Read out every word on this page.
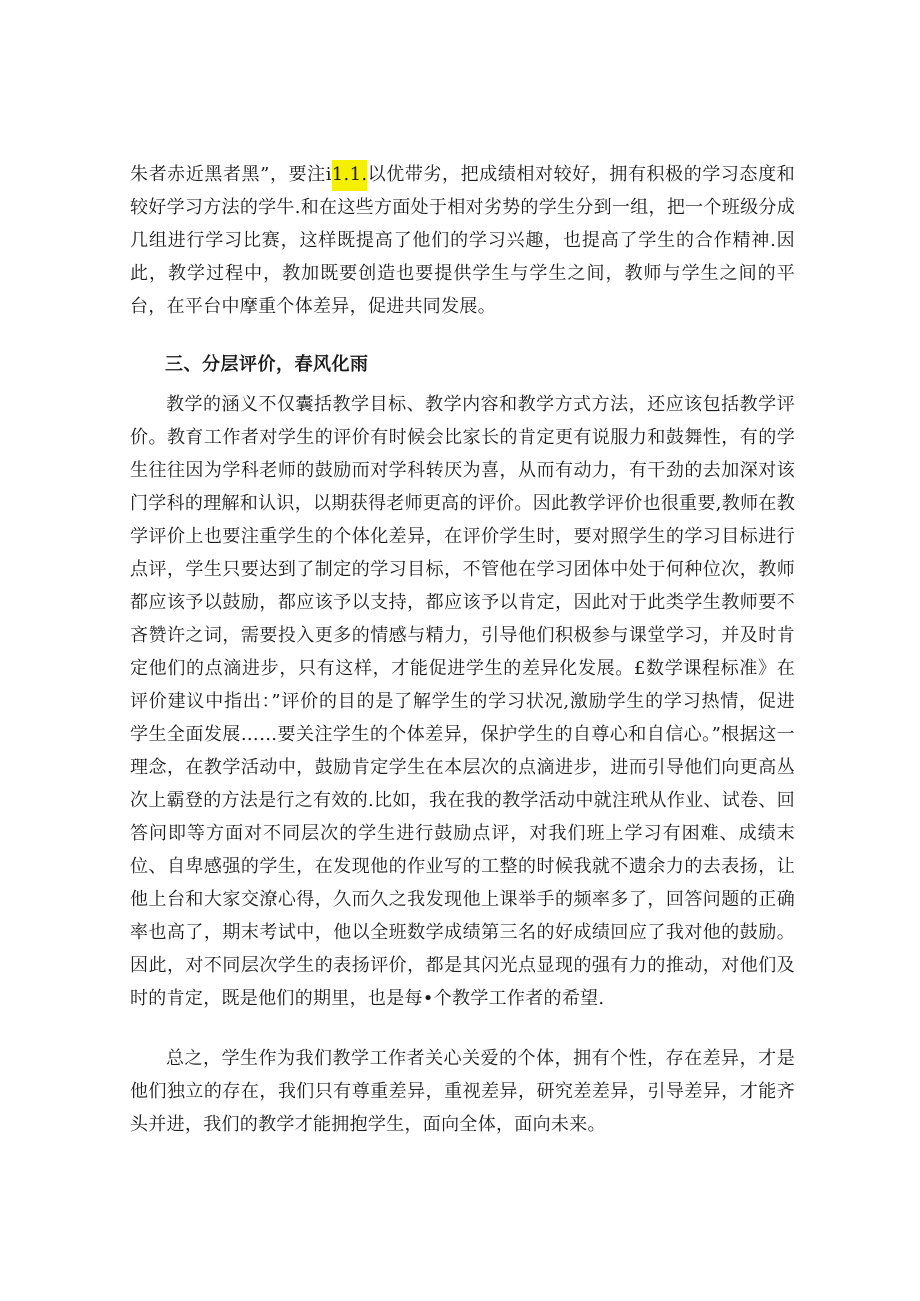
朱者赤近黑者黑”，要注i1.1.以优带劣，把成绩相对较好，拥有积极的学习态度和较好学习方法的学牛.和在这些方面处于相对劣势的学生分到一组，把一个班级分成几组进行学习比赛，这样既提高了他们的学习兴趣，也提高了学生的合作精神.因此，教学过程中，教加既要创造也要提供学生与学生之间，教师与学生之间的平台，在平台中摩重个体差异，促进共同发展。

三、分层评价，春风化雨

教学的涵义不仅囊括教学目标、教学内容和教学方式方法，还应该包括教学评价。教育工作者对学生的评价有时候会比家长的肯定更有说服力和鼓舞性，有的学生往往因为学科老师的鼓励而对学科转厌为喜，从而有动力，有干劲的去加深对该门学科的理解和认识，以期获得老师更高的评价。因此教学评价也很重要,教师在教学评价上也要注重学生的个体化差异，在评价学生时，要对照学生的学习目标进行点评，学生只要达到了制定的学习目标，不管他在学习团体中处于何种位次，教师都应该予以鼓励，都应该予以支持，都应该予以肯定，因此对于此类学生教师要不吝赞许之词，需要投入更多的情感与精力，引导他们积极参与课堂学习，并及时肯定他们的点滴进步，只有这样，才能促进学生的差异化发展。£数学课程标准》在评价建议中指出：”评价的目的是了解学生的学习状况,激励学生的学习热情，促进学生全面发展……要关注学生的个体差异，保护学生的自尊心和自信心。”根据这一理念，在教学活动中，鼓励肯定学生在本层次的点滴进步，进而引导他们向更高丛次上霸登的方法是行之有效的.比如，我在我的教学活动中就注玳从作业、试卷、回答问即等方面对不同层次的学生进行鼓励点评，对我们班上学习有困难、成绩末位、自卑感强的学生，在发现他的作业写的工整的时候我就不遗余力的去表扬，让他上台和大家交潦心得，久而久之我发现他上课举手的频率多了，回答问题的正确率也高了，期末考试中，他以全班数学成绩第三名的好成绩回应了我对他的鼓励。因此，对不同层次学生的表扬评价，都是其闪光点显现的强有力的推动，对他们及时的肯定，既是他们的期里，也是每•个教学工作者的希望.

总之，学生作为我们教学工作者关心关爱的个体，拥有个性，存在差异，才是他们独立的存在，我们只有尊重差异，重视差异，研究差差异，引导差异，才能齐头并进，我们的教学才能拥抱学生，面向全体，面向未来。
